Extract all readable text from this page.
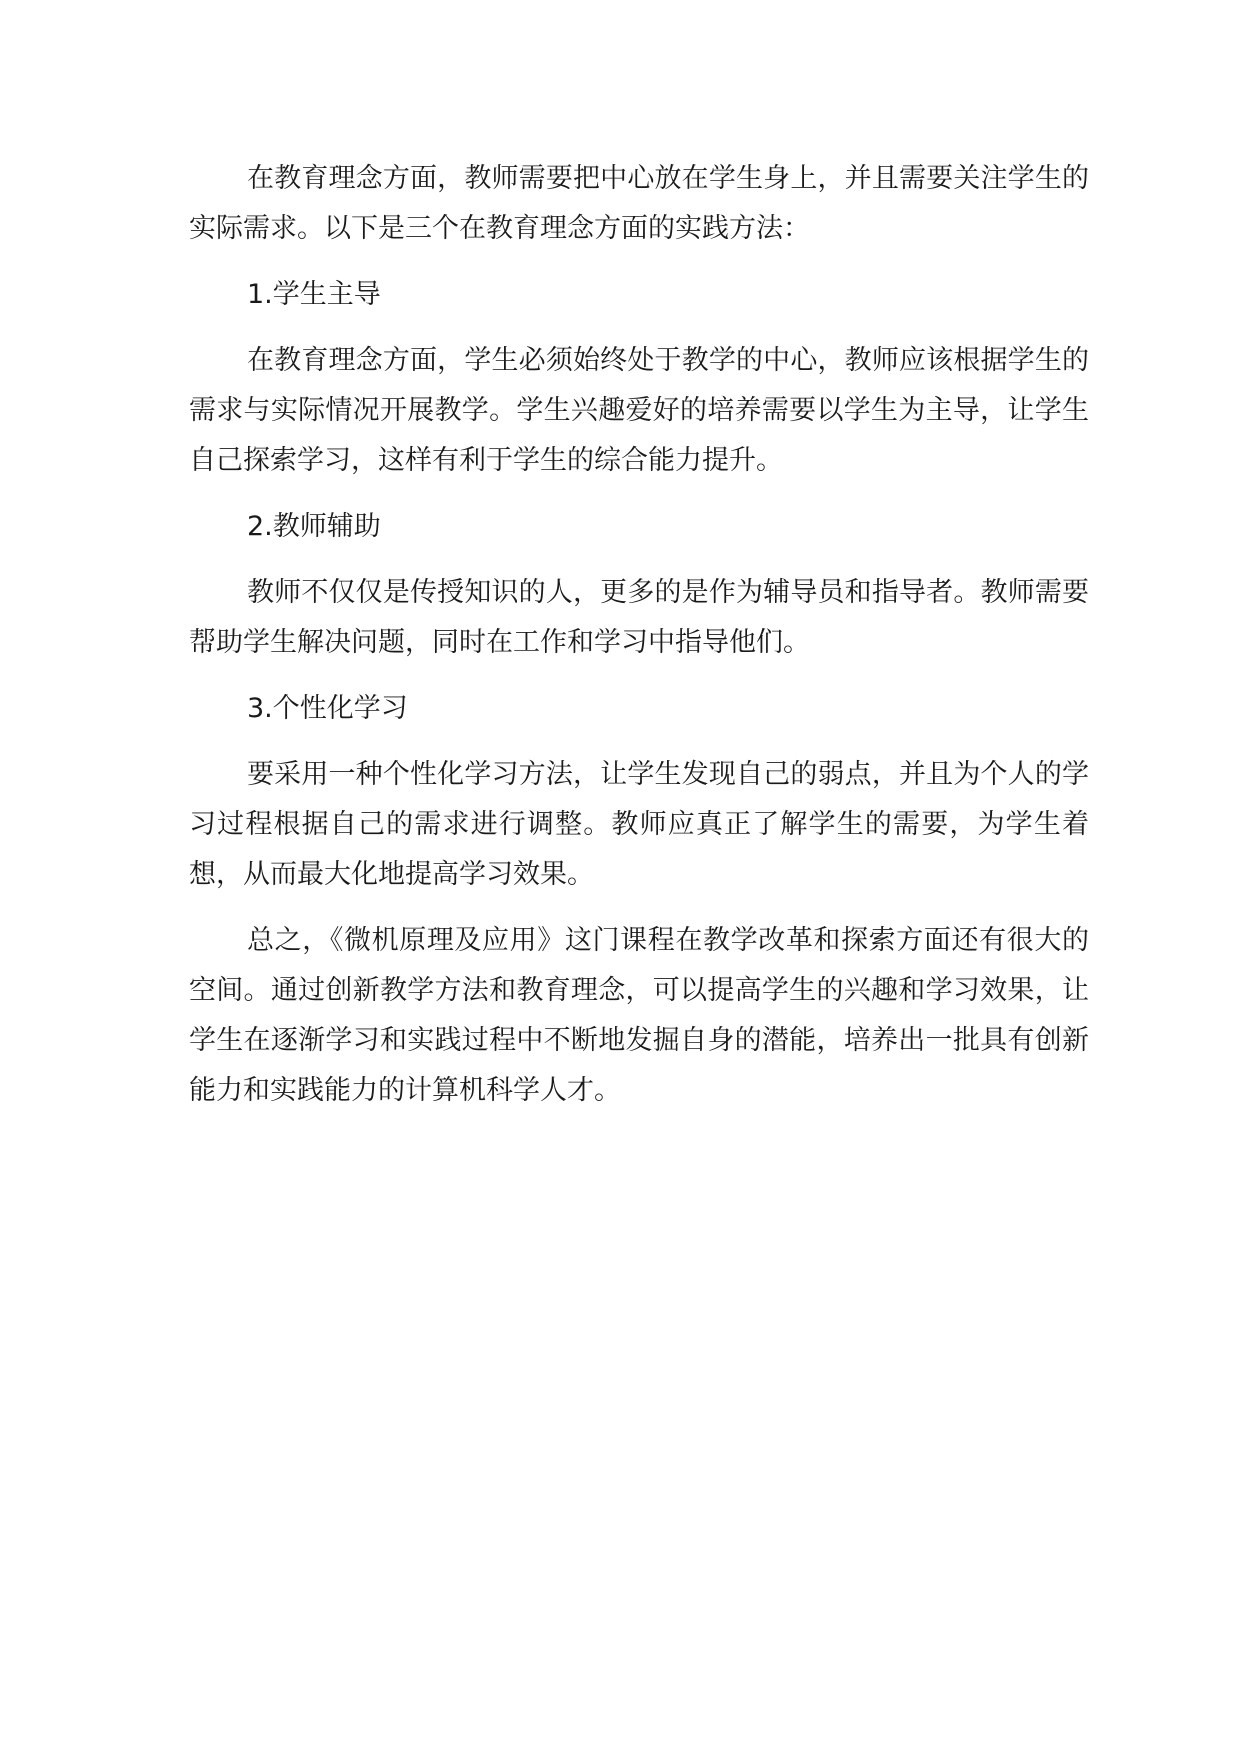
在教育理念方面，教师需要把中心放在学生身上，并且需要关注学生的实际需求。以下是三个在教育理念方面的实践方法：

1.学生主导

在教育理念方面，学生必须始终处于教学的中心，教师应该根据学生的需求与实际情况开展教学。学生兴趣爱好的培养需要以学生为主导，让学生自己探索学习，这样有利于学生的综合能力提升。

2.教师辅助

教师不仅仅是传授知识的人，更多的是作为辅导员和指导者。教师需要帮助学生解决问题，同时在工作和学习中指导他们。

3.个性化学习

要采用一种个性化学习方法，让学生发现自己的弱点，并且为个人的学习过程根据自己的需求进行调整。教师应真正了解学生的需要，为学生着想，从而最大化地提高学习效果。

总之，《微机原理及应用》这门课程在教学改革和探索方面还有很大的空间。通过创新教学方法和教育理念，可以提高学生的兴趣和学习效果，让学生在逐渐学习和实践过程中不断地发掘自身的潜能，培养出一批具有创新能力和实践能力的计算机科学人才。
